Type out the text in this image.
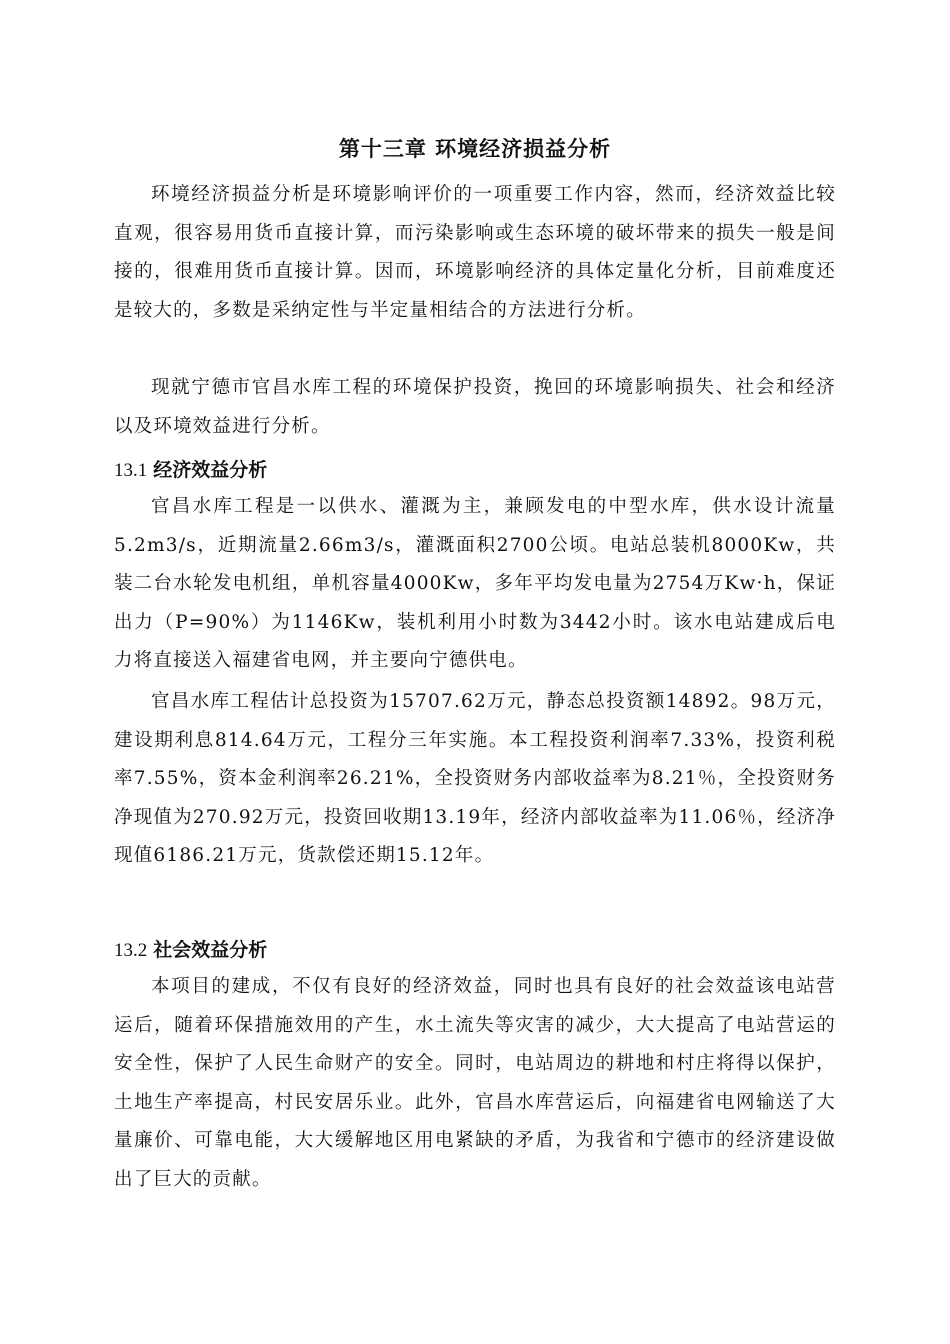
第十三章 环境经济损益分析

环境经济损益分析是环境影响评价的一项重要工作内容，然而，经济效益比较直观，很容易用货币直接计算，而污染影响或生态环境的破坏带来的损失一般是间接的，很难用货币直接计算。因而，环境影响经济的具体定量化分析，目前难度还是较大的，多数是采纳定性与半定量相结合的方法进行分析。

现就宁德市官昌水库工程的环境保护投资，挽回的环境影响损失、社会和经济以及环境效益进行分析。

13.1 经济效益分析

官昌水库工程是一以供水、灌溉为主，兼顾发电的中型水库，供水设计流量5.2m3/s，近期流量2.66m3/s，灌溉面积2700公顷。电站总装机8000Kw，共装二台水轮发电机组，单机容量4000Kw，多年平均发电量为2754万Kw·h，保证出力（P=90%）为1146Kw，装机利用小时数为3442小时。该水电站建成后电力将直接送入福建省电网，并主要向宁德供电。

官昌水库工程估计总投资为15707.62万元，静态总投资额14892。98万元，建设期利息814.64万元，工程分三年实施。本工程投资利润率7.33%，投资利税率7.55%，资本金利润率26.21%，全投资财务内部收益率为8.21％，全投资财务净现值为270.92万元，投资回收期13.19年，经济内部收益率为11.06％，经济净现值6186.21万元，货款偿还期15.12年。

13.2 社会效益分析

本项目的建成，不仅有良好的经济效益，同时也具有良好的社会效益该电站营运后，随着环保措施效用的产生，水土流失等灾害的减少，大大提高了电站营运的安全性，保护了人民生命财产的安全。同时，电站周边的耕地和村庄将得以保护，土地生产率提高，村民安居乐业。此外，官昌水库营运后，向福建省电网输送了大量廉价、可靠电能，大大缓解地区用电紧缺的矛盾，为我省和宁德市的经济建设做出了巨大的贡献。
